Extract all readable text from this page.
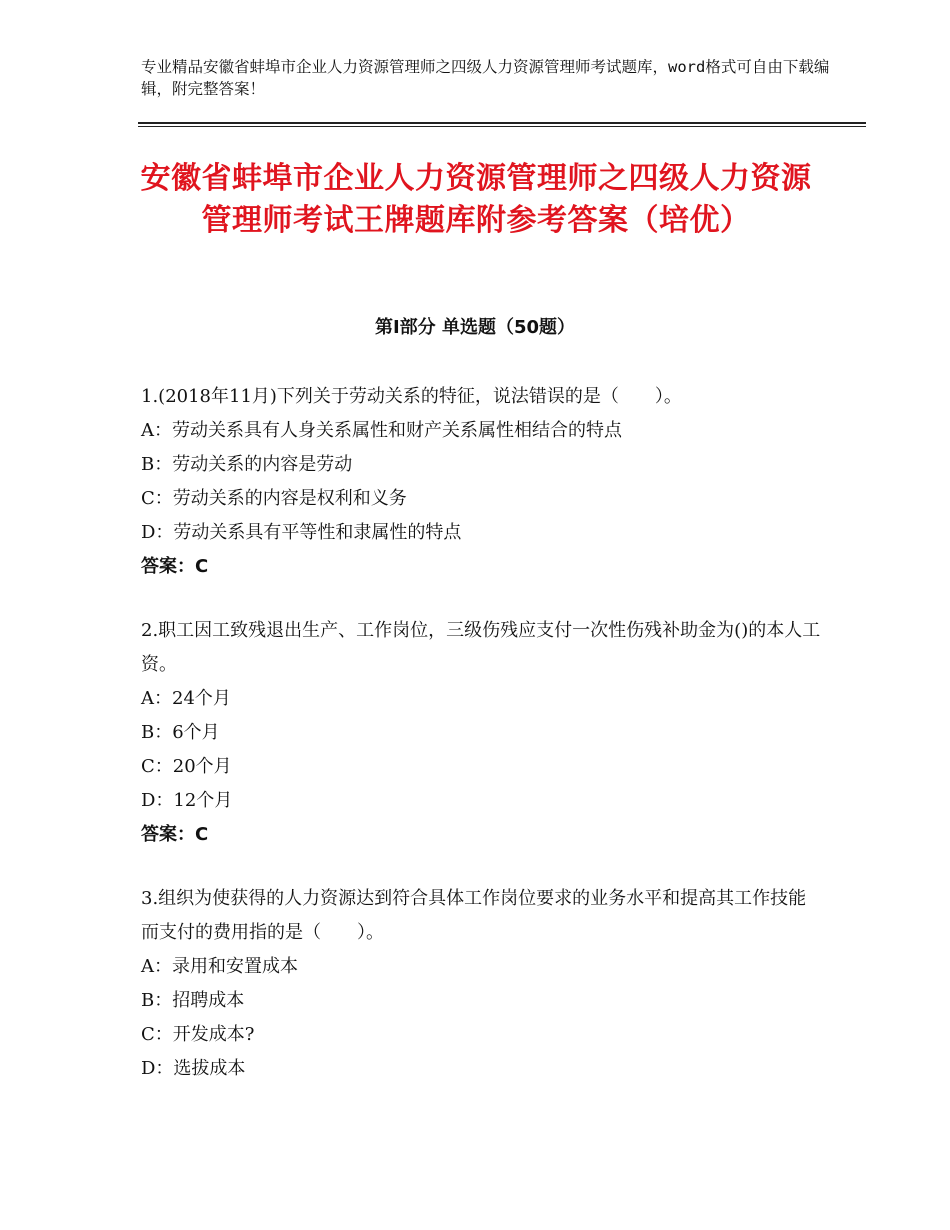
专业精品安徽省蚌埠市企业人力资源管理师之四级人力资源管理师考试题库，word格式可自由下载编辑，附完整答案！
安徽省蚌埠市企业人力资源管理师之四级人力资源管理师考试王牌题库附参考答案（培优）
第Ⅰ部分 单选题（50题）

1.(2018年11月)下列关于劳动关系的特征，说法错误的是（　　）。

A：劳动关系具有人身关系属性和财产关系属性相结合的特点

B：劳动关系的内容是劳动

C：劳动关系的内容是权利和义务

D：劳动关系具有平等性和隶属性的特点

答案：C

2.职工因工致残退出生产、工作岗位，三级伤残应支付一次性伤残补助金为()的本人工资。

A：24个月

B：6个月

C：20个月

D：12个月

答案：C

3.组织为使获得的人力资源达到符合具体工作岗位要求的业务水平和提高其工作技能而支付的费用指的是（　　）。

A：录用和安置成本

B：招聘成本

C：开发成本?

D：选拔成本
